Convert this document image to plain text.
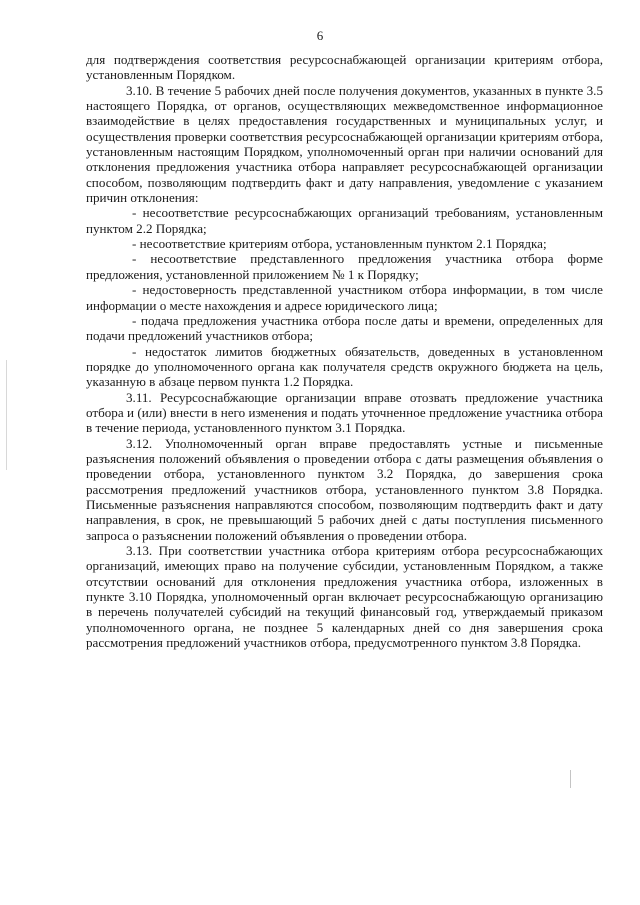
6

для подтверждения соответствия ресурсоснабжающей организации критериям отбора, установленным Порядком.

3.10. В течение 5 рабочих дней после получения документов, указанных в пункте 3.5 настоящего Порядка, от органов, осуществляющих межведомственное информационное взаимодействие в целях предоставления государственных и муниципальных услуг, и осуществления проверки соответствия ресурсоснабжающей организации критериям отбора, установленным настоящим Порядком, уполномоченный орган при наличии оснований для отклонения предложения участника отбора направляет ресурсоснабжающей организации способом, позволяющим подтвердить факт и дату направления, уведомление с указанием причин отклонения:

- несоответствие ресурсоснабжающих организаций требованиям, установленным пунктом 2.2 Порядка;

- несоответствие критериям отбора, установленным пунктом 2.1 Порядка;

- несоответствие представленного предложения участника отбора форме предложения, установленной приложением № 1 к Порядку;

- недостоверность представленной участником отбора информации, в том числе информации о месте нахождения и адресе юридического лица;

- подача предложения участника отбора после даты и времени, определенных для подачи предложений участников отбора;

- недостаток лимитов бюджетных обязательств, доведенных в установленном порядке до уполномоченного органа как получателя средств окружного бюджета на цель, указанную в абзаце первом пункта 1.2 Порядка.

3.11. Ресурсоснабжающие организации вправе отозвать предложение участника отбора и (или) внести в него изменения и подать уточненное предложение участника отбора в течение периода, установленного пунктом 3.1 Порядка.

3.12. Уполномоченный орган вправе предоставлять устные и письменные разъяснения положений объявления о проведении отбора с даты размещения объявления о проведении отбора, установленного пунктом 3.2 Порядка, до завершения срока рассмотрения предложений участников отбора, установленного пунктом 3.8 Порядка. Письменные разъяснения направляются способом, позволяющим подтвердить факт и дату направления, в срок, не превышающий 5 рабочих дней с даты поступления письменного запроса о разъяснении положений объявления о проведении отбора.

3.13. При соответствии участника отбора критериям отбора ресурсоснабжающих организаций, имеющих право на получение субсидии, установленным Порядком, а также отсутствии оснований для отклонения предложения участника отбора, изложенных в пункте 3.10 Порядка, уполномоченный орган включает ресурсоснабжающую организацию в перечень получателей субсидий на текущий финансовый год, утверждаемый приказом уполномоченного органа, не позднее 5 календарных дней со дня завершения срока рассмотрения предложений участников отбора, предусмотренного пунктом 3.8 Порядка.
